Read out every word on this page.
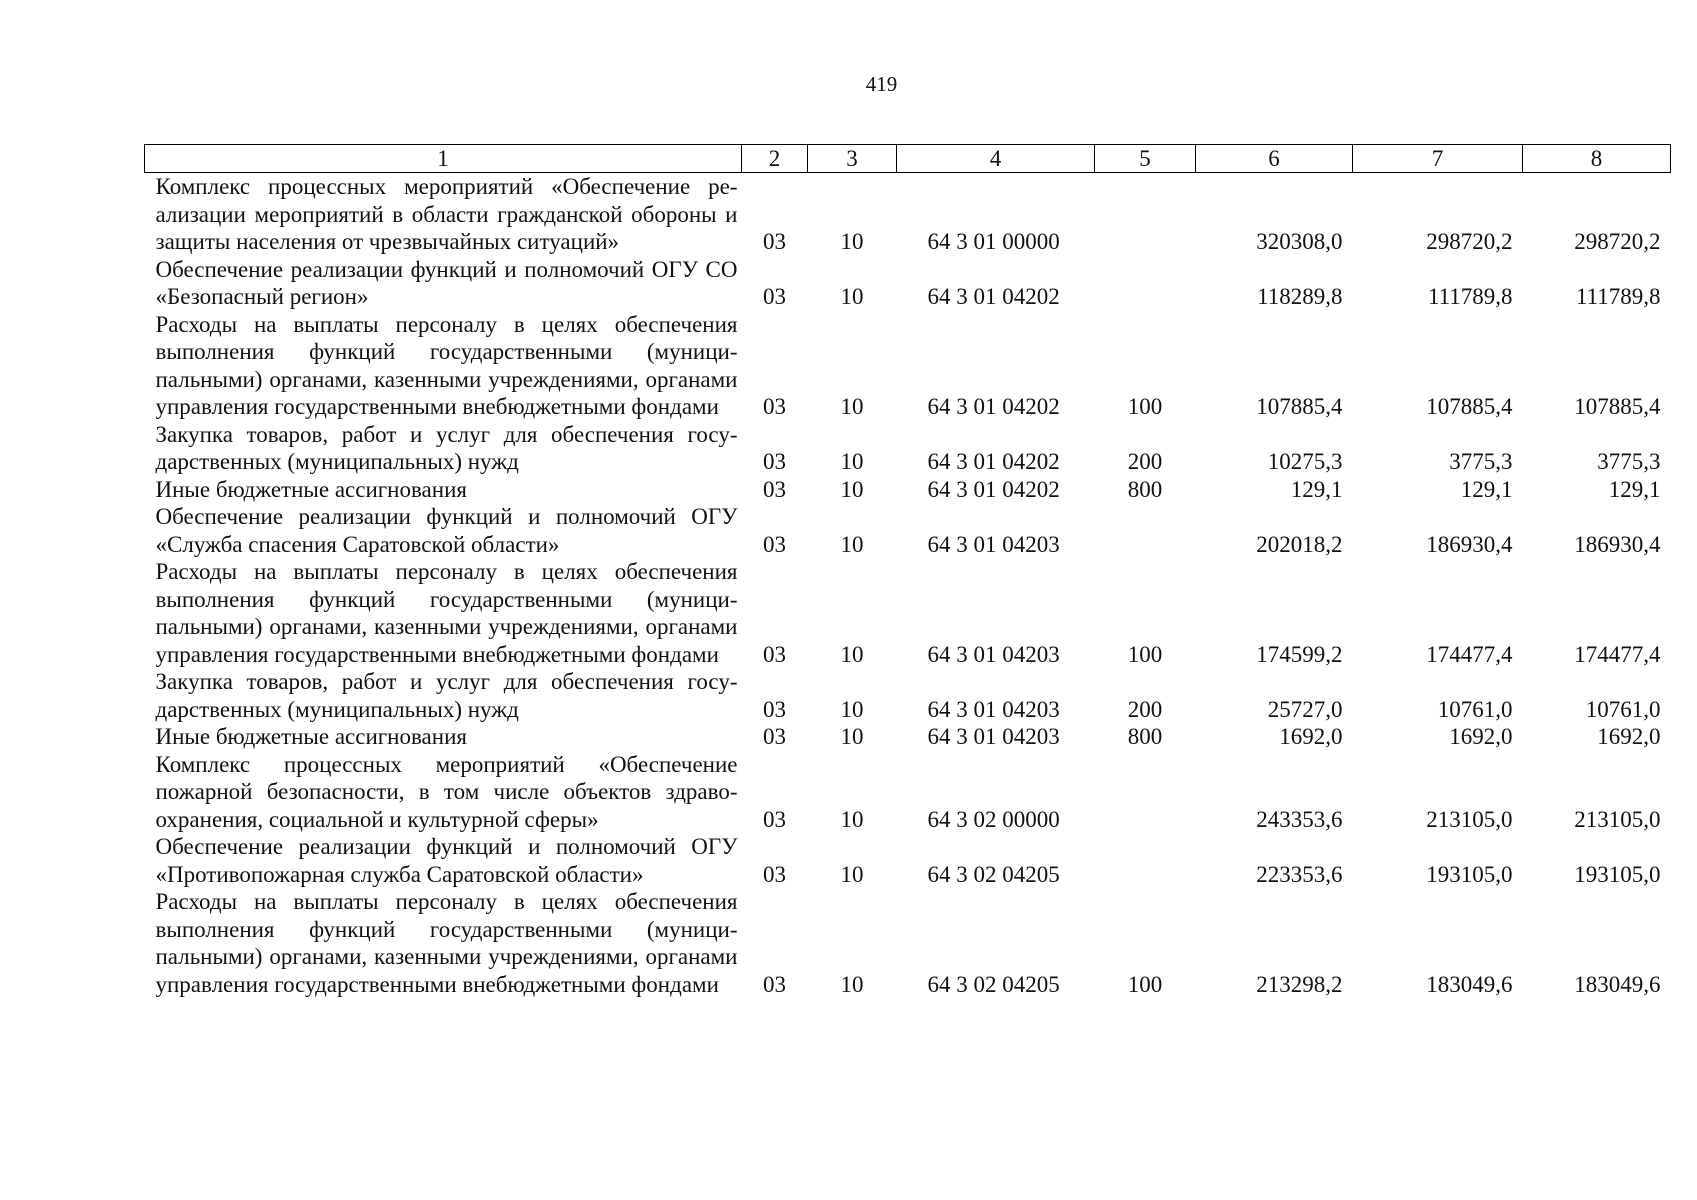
419
1	2	3	4	5	6	7	8
Комплекс процессных мероприятий «Обеспечение реализации мероприятий в области гражданской обороны и защиты населения от чрезвычайных ситуаций»	03	10	64 3 01 00000		320308,0	298720,2	298720,2
Обеспечение реализации функций и полномочий ОГУ СО «Безопасный регион»	03	10	64 3 01 04202		118289,8	111789,8	111789,8
Расходы на выплаты персоналу в целях обеспечения выполнения функций государственными (муниципальными) органами, казенными учреждениями, органами управления государственными внебюджетными фондами	03	10	64 3 01 04202	100	107885,4	107885,4	107885,4
Закупка товаров, работ и услуг для обеспечения государственных (муниципальных) нужд	03	10	64 3 01 04202	200	10275,3	3775,3	3775,3
Иные бюджетные ассигнования	03	10	64 3 01 04202	800	129,1	129,1	129,1
Обеспечение реализации функций и полномочий ОГУ «Служба спасения Саратовской области»	03	10	64 3 01 04203		202018,2	186930,4	186930,4
Расходы на выплаты персоналу в целях обеспечения выполнения функций государственными (муниципальными) органами, казенными учреждениями, органами управления государственными внебюджетными фондами	03	10	64 3 01 04203	100	174599,2	174477,4	174477,4
Закупка товаров, работ и услуг для обеспечения государственных (муниципальных) нужд	03	10	64 3 01 04203	200	25727,0	10761,0	10761,0
Иные бюджетные ассигнования	03	10	64 3 01 04203	800	1692,0	1692,0	1692,0
Комплекс процессных мероприятий «Обеспечение пожарной безопасности, в том числе объектов здравоохранения, социальной и культурной сферы»	03	10	64 3 02 00000		243353,6	213105,0	213105,0
Обеспечение реализации функций и полномочий ОГУ «Противопожарная служба Саратовской области»	03	10	64 3 02 04205		223353,6	193105,0	193105,0
Расходы на выплаты персоналу в целях обеспечения выполнения функций государственными (муниципальными) органами, казенными учреждениями, органами управления государственными внебюджетными фондами	03	10	64 3 02 04205	100	213298,2	183049,6	183049,6
